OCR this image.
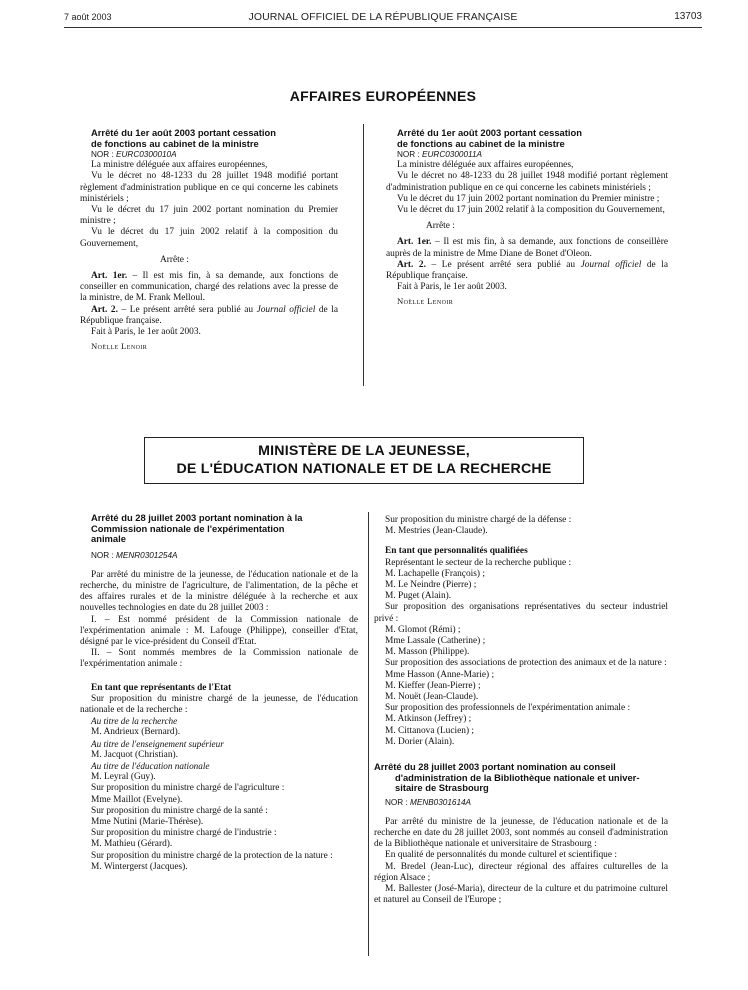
7 août 2003	JOURNAL OFFICIEL DE LA RÉPUBLIQUE FRANÇAISE	13703
AFFAIRES EUROPÉENNES

Arrêté du 1er août 2003 portant cessation

de fonctions au cabinet de la ministre

NOR : EURC0300010A

La ministre déléguée aux affaires européennes,

Vu le décret no 48-1233 du 28 juillet 1948 modifié portant règlement d'administration publique en ce qui concerne les cabinets ministériels ;

Vu le décret du 17 juin 2002 portant nomination du Premier ministre ;

Vu le décret du 17 juin 2002 relatif à la composition du Gouvernement,

Arrête :

Art. 1er. – Il est mis fin, à sa demande, aux fonctions de conseiller en communication, chargé des relations avec la presse de la ministre, de M. Frank Melloul.

Art. 2. – Le présent arrêté sera publié au Journal officiel de la République française.

Fait à Paris, le 1er août 2003.

Noëlle Lenoir

Arrêté du 1er août 2003 portant cessation

de fonctions au cabinet de la ministre

NOR : EURC0300011A

La ministre déléguée aux affaires européennes,

Vu le décret no 48-1233 du 28 juillet 1948 modifié portant règlement d'administration publique en ce qui concerne les cabinets ministériels ;

Vu le décret du 17 juin 2002 portant nomination du Premier ministre ;

Vu le décret du 17 juin 2002 relatif à la composition du Gouvernement,

Arrête :

Art. 1er. – Il est mis fin, à sa demande, aux fonctions de conseillère auprès de la ministre de Mme Diane de Bonet d'Oleon.

Art. 2. – Le présent arrêté sera publié au Journal officiel de la République française.

Fait à Paris, le 1er août 2003.

Noëlle Lenoir

MINISTÈRE DE LA JEUNESSE,
DE L'ÉDUCATION NATIONALE ET DE LA RECHERCHE

Arrêté du 28 juillet 2003 portant nomination à la

Commission nationale de l'expérimentation

animale

NOR : MENR0301254A

Par arrêté du ministre de la jeunesse, de l'éducation nationale et de la recherche, du ministre de l'agriculture, de l'alimentation, de la pêche et des affaires rurales et de la ministre déléguée à la recherche et aux nouvelles technologies en date du 28 juillet 2003 :

I. – Est nommé président de la Commission nationale de l'expérimentation animale : M. Lafouge (Philippe), conseiller d'Etat, désigné par le vice-président du Conseil d'Etat.

II. – Sont nommés membres de la Commission nationale de l'expérimentation animale :

En tant que représentants de l'Etat

Sur proposition du ministre chargé de la jeunesse, de l'éducation nationale et de la recherche :

Au titre de la recherche

M. Andrieux (Bernard).

Au titre de l'enseignement supérieur

M. Jacquot (Christian).

Au titre de l'éducation nationale

M. Leyral (Guy).

Sur proposition du ministre chargé de l'agriculture :

Mme Maillot (Evelyne).

Sur proposition du ministre chargé de la santé :

Mme Nutini (Marie-Thérèse).

Sur proposition du ministre chargé de l'industrie :

M. Mathieu (Gérard).

Sur proposition du ministre chargé de la protection de la nature :

M. Wintergerst (Jacques).

Sur proposition du ministre chargé de la défense :

M. Mestries (Jean-Claude).

En tant que personnalités qualifiées

Représentant le secteur de la recherche publique :

M. Lachapelle (François) ;

M. Le Neindre (Pierre) ;

M. Puget (Alain).

Sur proposition des organisations représentatives du secteur industriel privé :

M. Glomot (Rémi) ;

Mme Lassale (Catherine) ;

M. Masson (Philippe).

Sur proposition des associations de protection des animaux et de la nature :

Mme Hasson (Anne-Marie) ;

M. Kieffer (Jean-Pierre) ;

M. Nouët (Jean-Claude).

Sur proposition des professionnels de l'expérimentation animale :

M. Atkinson (Jeffrey) ;

M. Cittanova (Lucien) ;

M. Dorier (Alain).

Arrêté du 28 juillet 2003 portant nomination au conseil

d'administration de la Bibliothèque nationale et univer-

sitaire de Strasbourg

NOR : MENB0301614A

Par arrêté du ministre de la jeunesse, de l'éducation nationale et de la recherche en date du 28 juillet 2003, sont nommés au conseil d'administration de la Bibliothèque nationale et universitaire de Strasbourg :

En qualité de personnalités du monde culturel et scientifique :

M. Bredel (Jean-Luc), directeur régional des affaires culturelles de la région Alsace ;

M. Ballester (José-Maria), directeur de la culture et du patrimoine culturel et naturel au Conseil de l'Europe ;
